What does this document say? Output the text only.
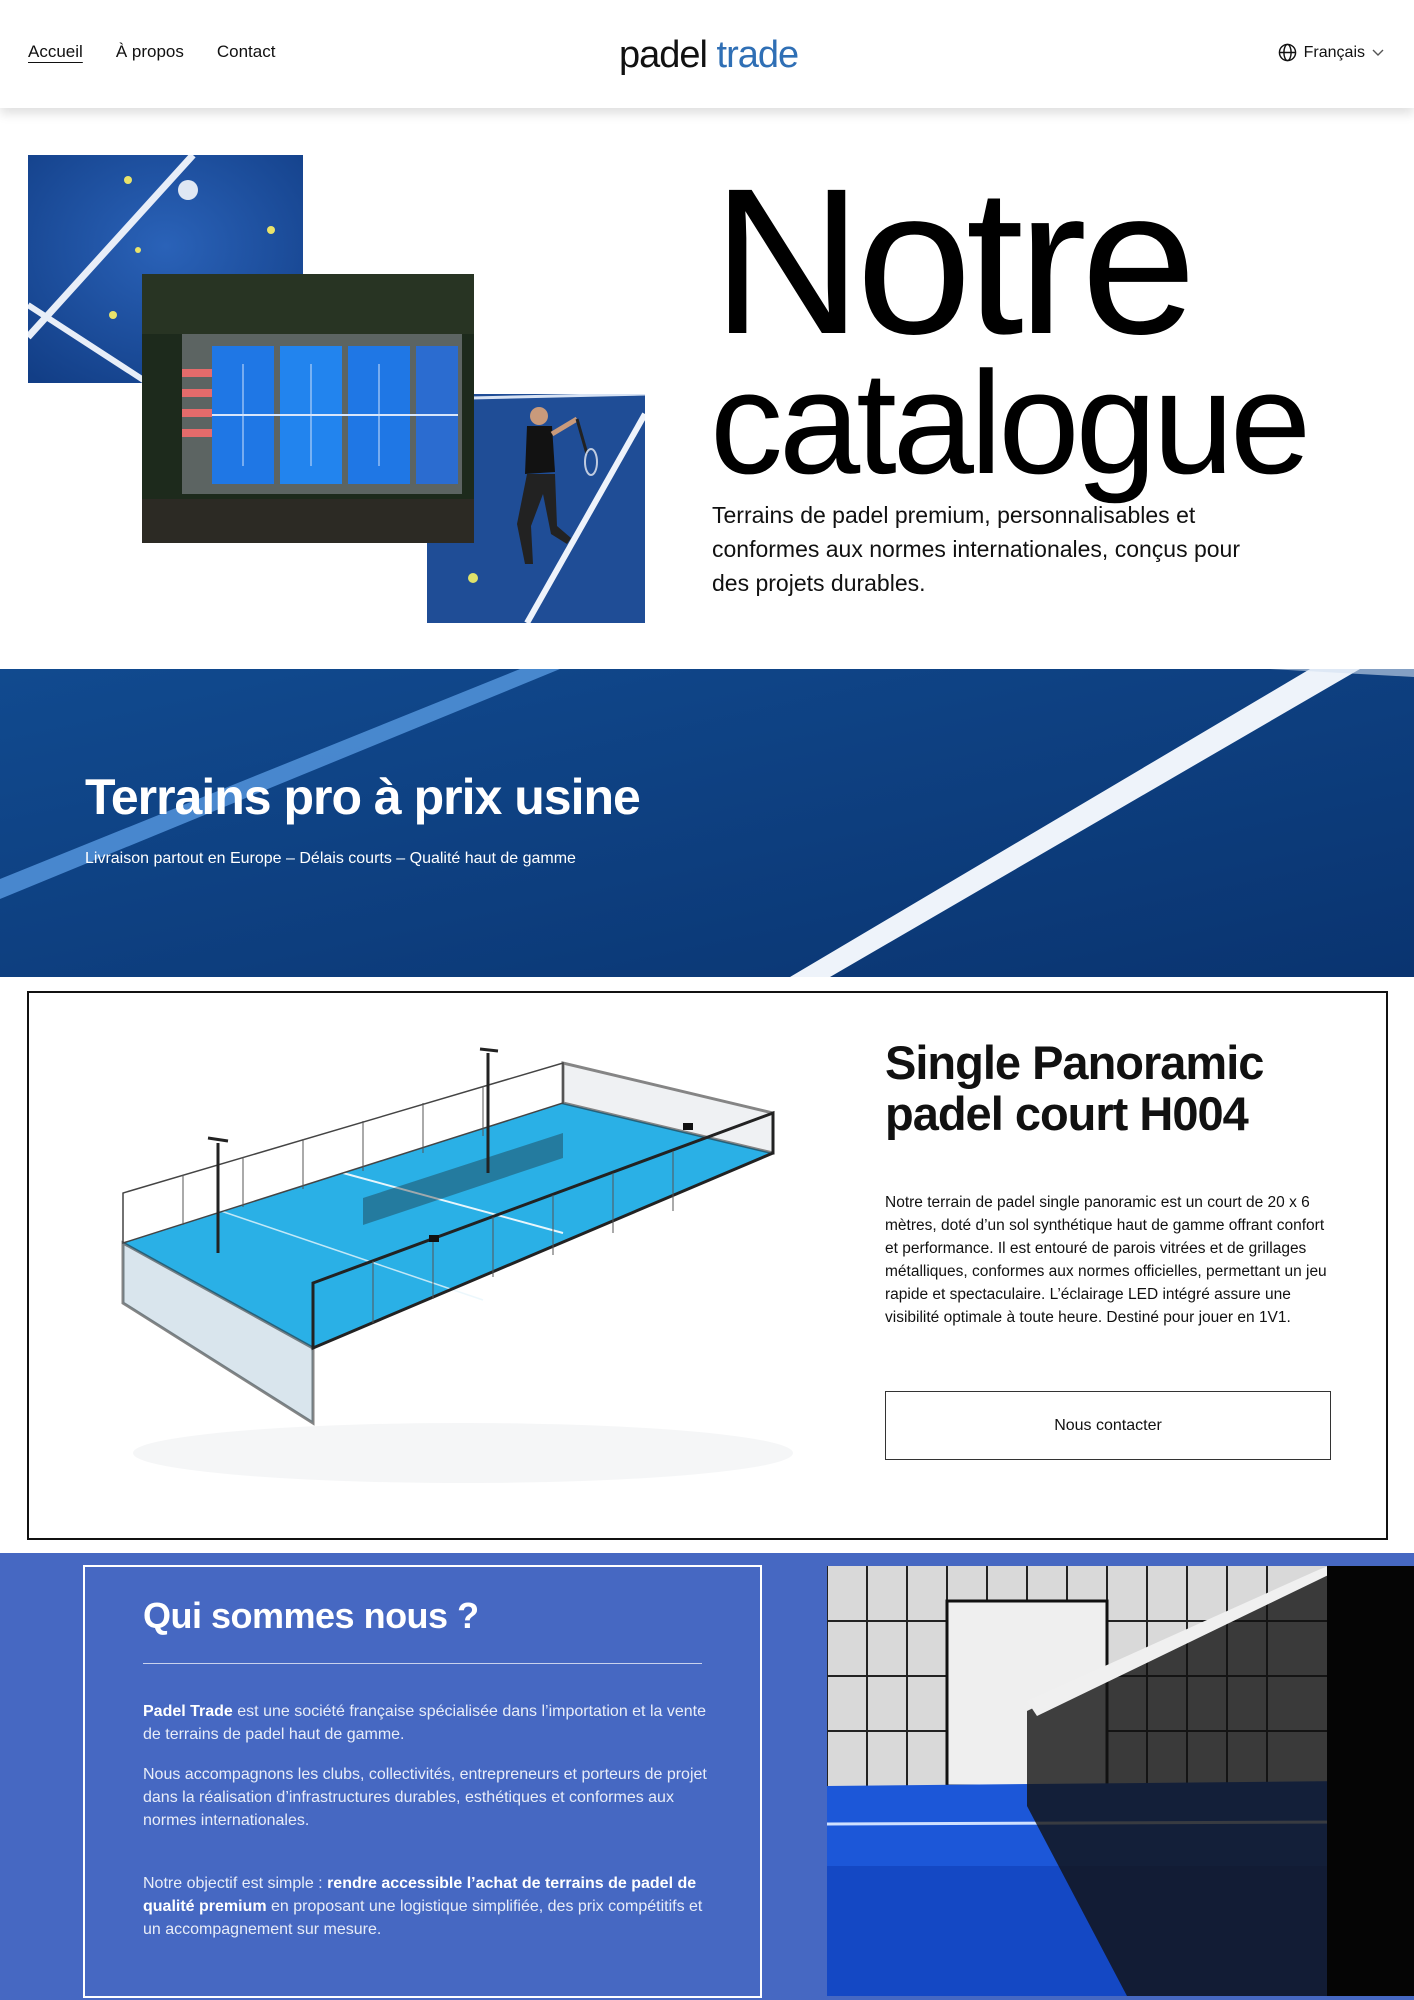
Accueil À propos Contact	padel trade	Français
Notre
catalogue

Terrains de padel premium, personnalisables et conformes aux normes internationales, conçus pour des projets durables.

Terrains pro à prix usine

Livraison partout en Europe – Délais courts – Qualité haut de gamme

Single Panoramic padel court H004

Notre terrain de padel single panoramic est un court de 20 x 6 mètres, doté d’un sol synthétique haut de gamme offrant confort et performance. Il est entouré de parois vitrées et de grillages métalliques, conformes aux normes officielles, permettant un jeu rapide et spectaculaire. L’éclairage LED intégré assure une visibilité optimale à toute heure. Destiné pour jouer en 1V1.

Nous contacter
Qui sommes nous ?

Padel Trade est une société française spécialisée dans l’importation et la vente de terrains de padel haut de gamme.

Nous accompagnons les clubs, collectivités, entrepreneurs et porteurs de projet dans la réalisation d’infrastructures durables, esthétiques et conformes aux normes internationales.

Notre objectif est simple : rendre accessible l’achat de terrains de padel de qualité premium en proposant une logistique simplifiée, des prix compétitifs et un accompagnement sur mesure.
